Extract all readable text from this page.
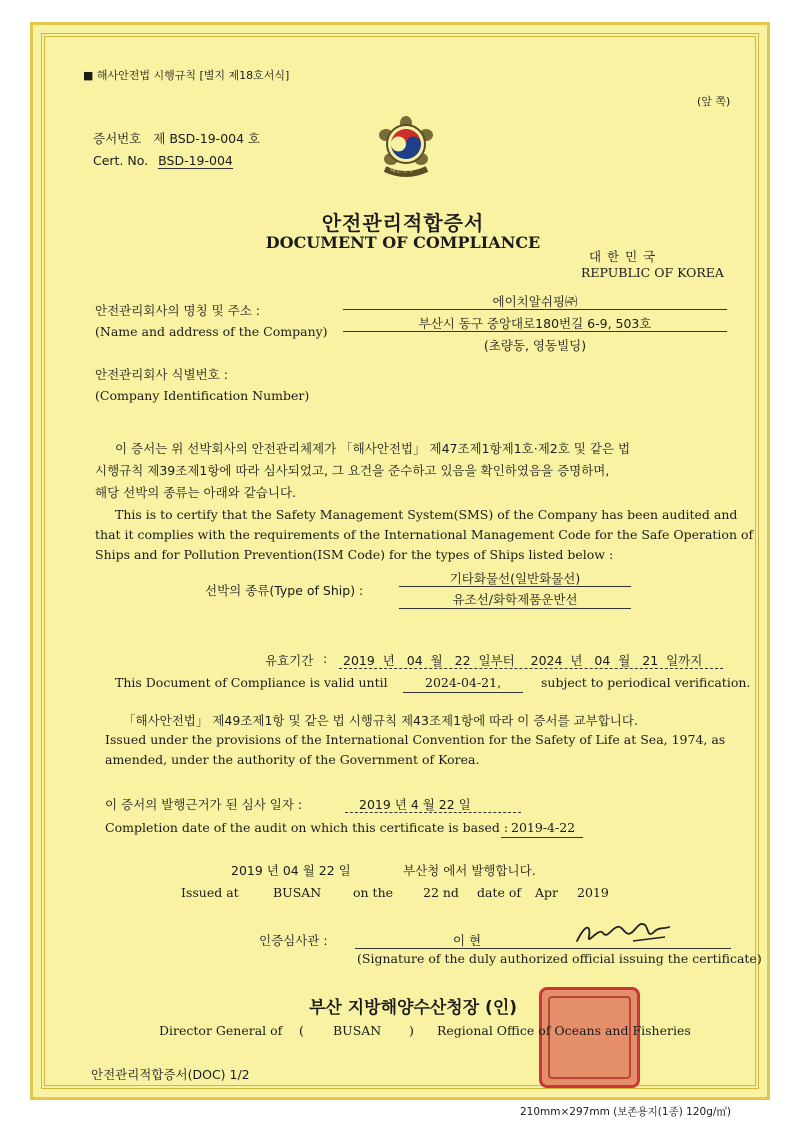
■ 해사안전법 시행규칙 [별지 제18호서식]
(앞 쪽)
증서번호 제 BSD-19-004 호
Cert. No. BSD-19-004
대한민국
안전관리적합증서
DOCUMENT OF COMPLIANCE
대 한 민 국
REPUBLIC OF KOREA
안전관리회사의 명칭 및 주소 :
(Name and address of the Company)
에이치알쉬핑㈜
부산시 동구 중앙대로180번길 6-9, 503호
(초량동, 영동빌딩)
안전관리회사 식별번호 :
(Company Identification Number)
이 증서는 위 선박회사의 안전관리체제가 「해사안전법」 제47조제1항제1호·제2호 및 같은 법
시행규칙 제39조제1항에 따라 심사되었고, 그 요건을 준수하고 있음을 확인하였음을 증명하며,
해당 선박의 종류는 아래와 같습니다.
This is to certify that the Safety Management System(SMS) of the Company has been audited and
that it complies with the requirements of the International Management Code for the Safe Operation of
Ships and for Pollution Prevention(ISM Code) for the types of Ships listed below :
선박의 종류(Type of Ship) :
기타화물선(일반화물선)
유조선/화학제품운반선
유효기간 : 2019 년 04 월 22 일부터 2024 년 04 월 21 일까지
This Document of Compliance is valid until	2024-04-21,	subject to periodical verification.
「해사안전법」 제49조제1항 및 같은 법 시행규칙 제43조제1항에 따라 이 증서를 교부합니다.
Issued under the provisions of the International Convention for the Safety of Life at Sea, 1974, as
amended, under the authority of the Government of Korea.
이 증서의 발행근거가 된 심사 일자 :	2019 년 4 월 22 일
Completion date of the audit on which this certificate is based : 2019-4-22
2019 년 04 월 22 일	부산청 에서 발행합니다.
Issued at	BUSAN	on the 22 nd date of Apr 2019
인증심사관 :	이 현
(Signature of the duly authorized official issuing the certificate)
부산 지방해양수산청장 (인)
Director General of ( BUSAN ) Regional Office of Oceans and Fisheries
안전관리적합증서(DOC) 1/2
210mm×297mm (보존용지(1종) 120g/㎡)
